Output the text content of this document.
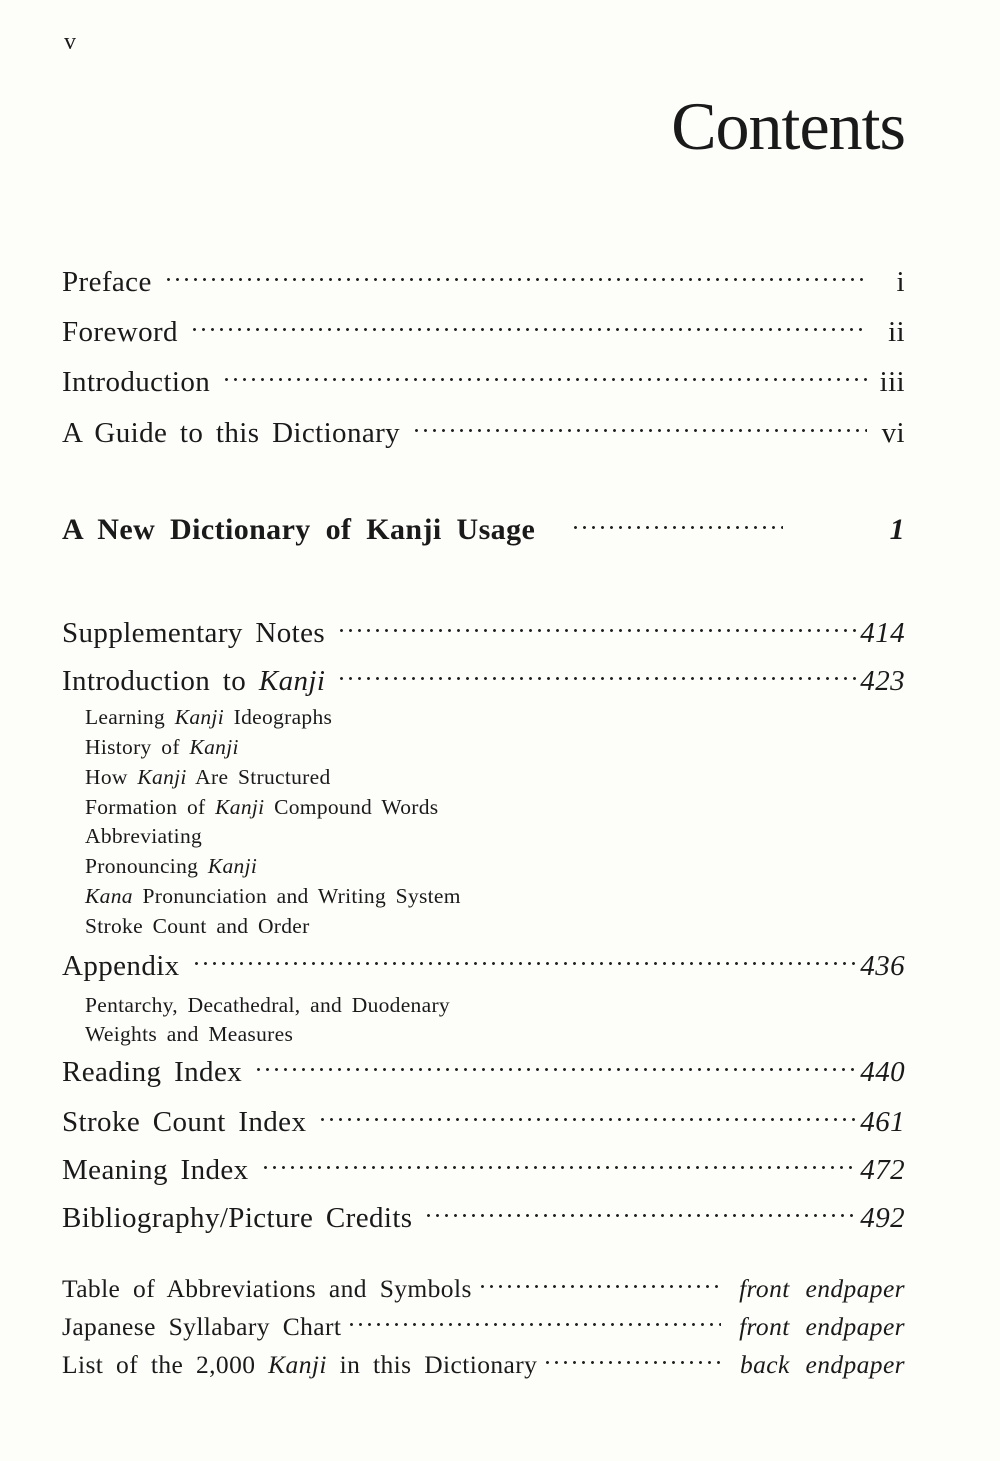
v
Contents
Preface	i
Foreword	ii
Introduction	iii
A Guide to this Dictionary	vi
A New Dictionary of Kanji Usage	1
Supplementary Notes	414
Introduction to Kanji	423
Learning Kanji Ideographs
History of Kanji
How Kanji Are Structured
Formation of Kanji Compound Words
Abbreviating
Pronouncing Kanji
Kana Pronunciation and Writing System
Stroke Count and Order
Appendix	436
Pentarchy, Decathedral, and Duodenary
Weights and Measures
Reading Index	440
Stroke Count Index	461
Meaning Index	472
Bibliography/Picture Credits	492
Table of Abbreviations and Symbols	front endpaper
Japanese Syllabary Chart	front endpaper
List of the 2,000 Kanji in this Dictionary	back endpaper
